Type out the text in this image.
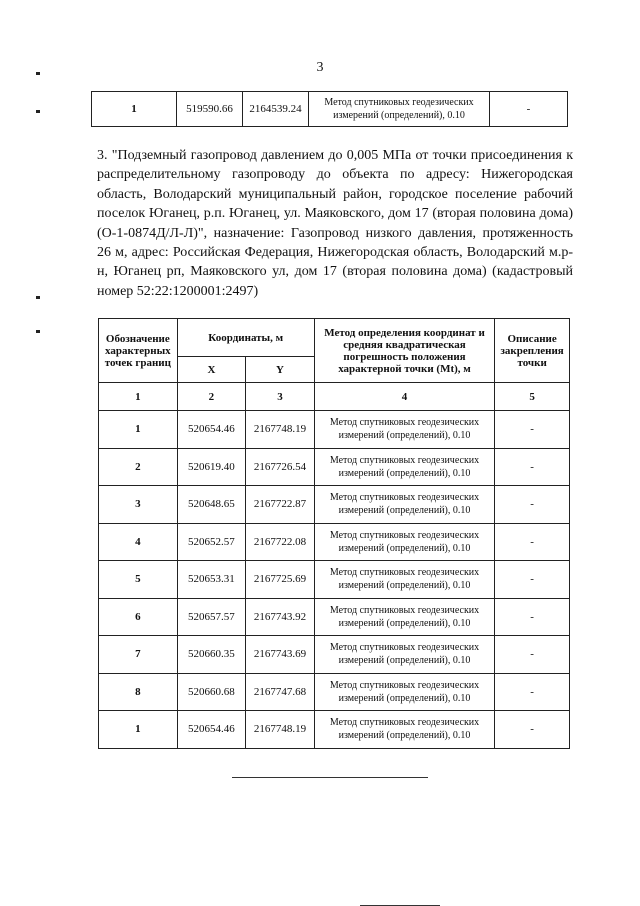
3
1	519590.66	2164539.24	Метод спутниковых геодезических измерений (определений), 0.10	-
3. "Подземный газопровод давлением до 0,005 МПа от точки присоединения к распределительному газопроводу до объекта по адресу: Нижегородская область, Володарский муниципальный район, городское поселение рабочий поселок Юганец, р.п. Юганец, ул. Маяковского, дом 17 (вторая половина дома) (О-1-0874Д/Л-Л)", назначение: Газопровод низкого давления, протяженность 26 м, адрес: Российская Федерация, Нижегородская область, Володарский м.р-н, Юганец рп, Маяковского ул, дом 17 (вторая половина дома) (кадастровый номер 52:22:1200001:2497)
Обозначение характерных точек границ	Координаты, м		Метод определения координат и средняя квадратическая погрешность положения характерной точки (Mt), м	Описание закрепления точки
	X	Y		
1	2	3	4	5
1	520654.46	2167748.19	Метод спутниковых геодезических измерений (определений), 0.10	-
2	520619.40	2167726.54	Метод спутниковых геодезических измерений (определений), 0.10	-
3	520648.65	2167722.87	Метод спутниковых геодезических измерений (определений), 0.10	-
4	520652.57	2167722.08	Метод спутниковых геодезических измерений (определений), 0.10	-
5	520653.31	2167725.69	Метод спутниковых геодезических измерений (определений), 0.10	-
6	520657.57	2167743.92	Метод спутниковых геодезических измерений (определений), 0.10	-
7	520660.35	2167743.69	Метод спутниковых геодезических измерений (определений), 0.10	-
8	520660.68	2167747.68	Метод спутниковых геодезических измерений (определений), 0.10	-
1	520654.46	2167748.19	Метод спутниковых геодезических измерений (определений), 0.10	-
